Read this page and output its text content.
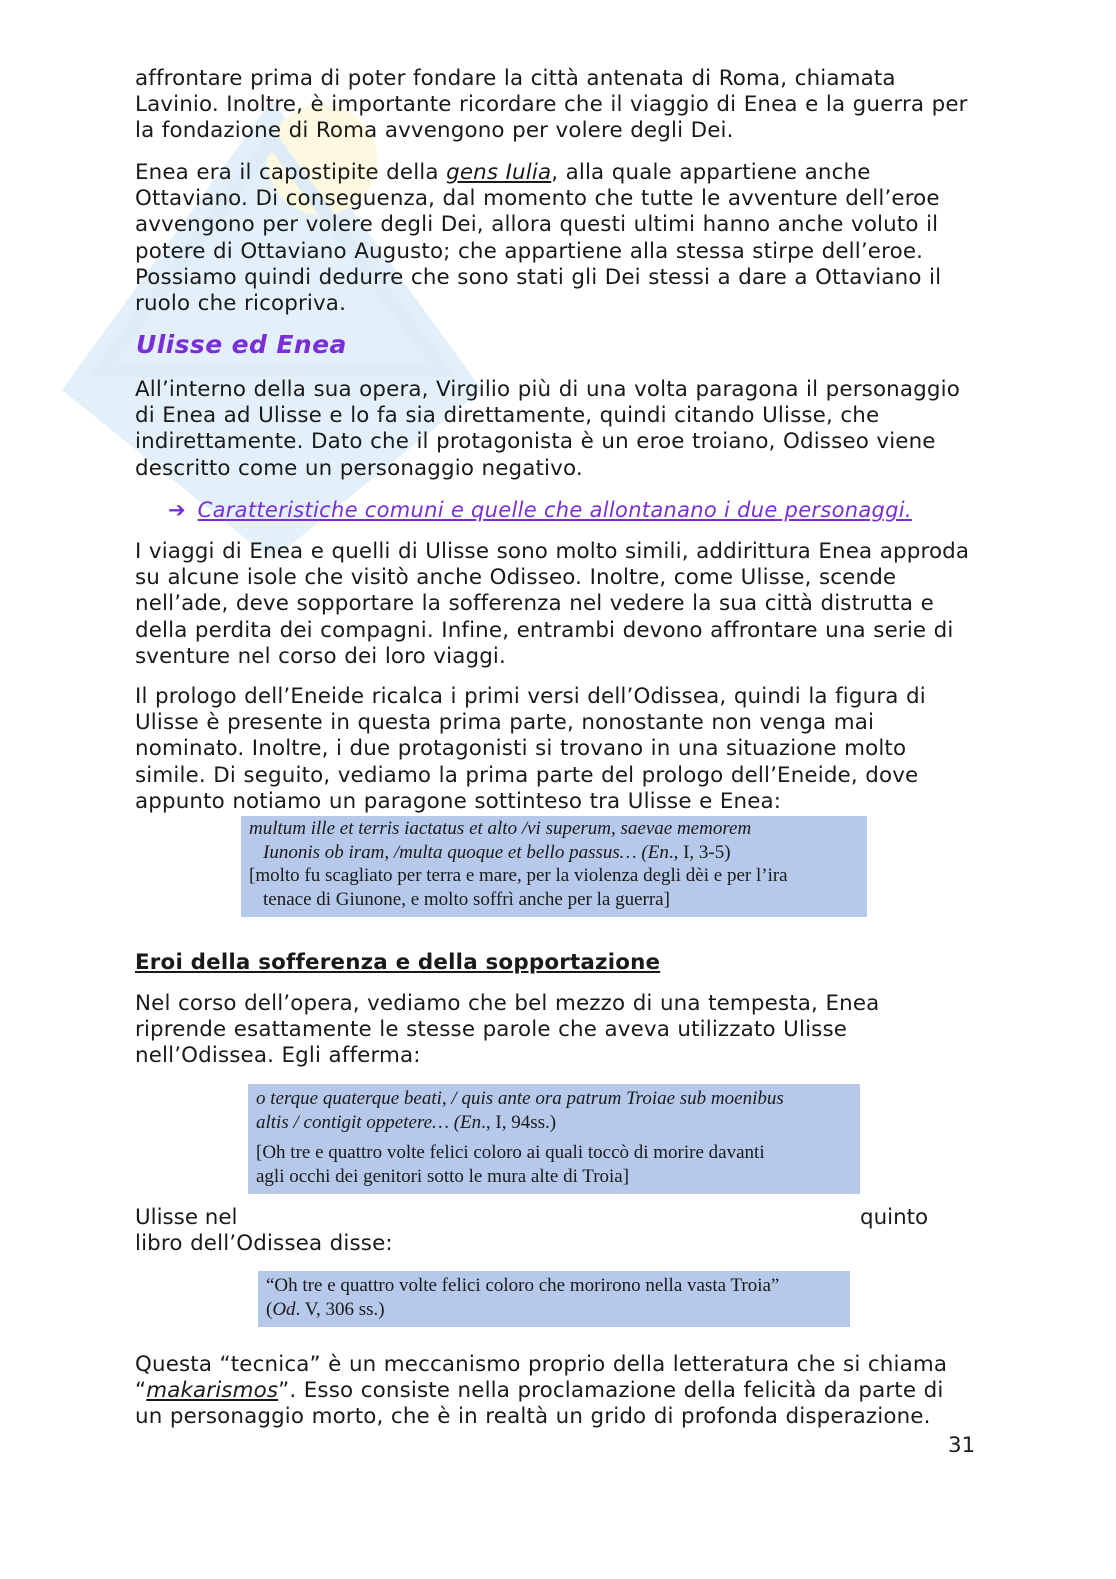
affrontare prima di poter fondare la città antenata di Roma, chiamata Lavinio. Inoltre, è importante ricordare che il viaggio di Enea e la guerra per la fondazione di Roma avvengono per volere degli Dei.

Enea era il capostipite della gens Iulia, alla quale appartiene anche Ottaviano. Di conseguenza, dal momento che tutte le avventure dell’eroe avvengono per volere degli Dei, allora questi ultimi hanno anche voluto il potere di Ottaviano Augusto; che appartiene alla stessa stirpe dell’eroe. Possiamo quindi dedurre che sono stati gli Dei stessi a dare a Ottaviano il ruolo che ricopriva.

Ulisse ed Enea

All’interno della sua opera, Virgilio più di una volta paragona il personaggio di Enea ad Ulisse e lo fa sia direttamente, quindi citando Ulisse, che indirettamente. Dato che il protagonista è un eroe troiano, Odisseo viene descritto come un personaggio negativo.

➔ Caratteristiche comuni e quelle che allontanano i due personaggi.

I viaggi di Enea e quelli di Ulisse sono molto simili, addirittura Enea approda su alcune isole che visitò anche Odisseo. Inoltre, come Ulisse, scende nell’ade, deve sopportare la sofferenza nel vedere la sua città distrutta e della perdita dei compagni. Infine, entrambi devono affrontare una serie di sventure nel corso dei loro viaggi.

Il prologo dell’Eneide ricalca i primi versi dell’Odissea, quindi la figura di Ulisse è presente in questa prima parte, nonostante non venga mai nominato. Inoltre, i due protagonisti si trovano in una situazione molto simile. Di seguito, vediamo la prima parte del prologo dell’Eneide, dove appunto notiamo un paragone sottinteso tra Ulisse e Enea:

multum ille et terris iactatus et alto /vi superum, saevae memorem
Iunonis ob iram, /multa quoque et bello passus… (En., I, 3-5)
[molto fu scagliato per terra e mare, per la violenza degli dèi e per l’ira
tenace di Giunone, e molto soffrì anche per la guerra]
Eroi della sofferenza e della sopportazione

Nel corso dell’opera, vediamo che bel mezzo di una tempesta, Enea riprende esattamente le stesse parole che aveva utilizzato Ulisse nell’Odissea. Egli afferma:

o terque quaterque beati, / quis ante ora patrum Troiae sub moenibus
altis / contigit oppetere… (En., I, 94ss.)
[Oh tre e quattro volte felici coloro ai quali toccò di morire davanti
agli occhi dei genitori sotto le mura alte di Troia]
Ulisse nel	quinto

libro dell’Odissea disse:

“Oh tre e quattro volte felici coloro che morirono nella vasta Troia”
(Od. V, 306 ss.)

Questa “tecnica” è un meccanismo proprio della letteratura che si chiama “makarismos”. Esso consiste nella proclamazione della felicità da parte di un personaggio morto, che è in realtà un grido di profonda disperazione.

31
